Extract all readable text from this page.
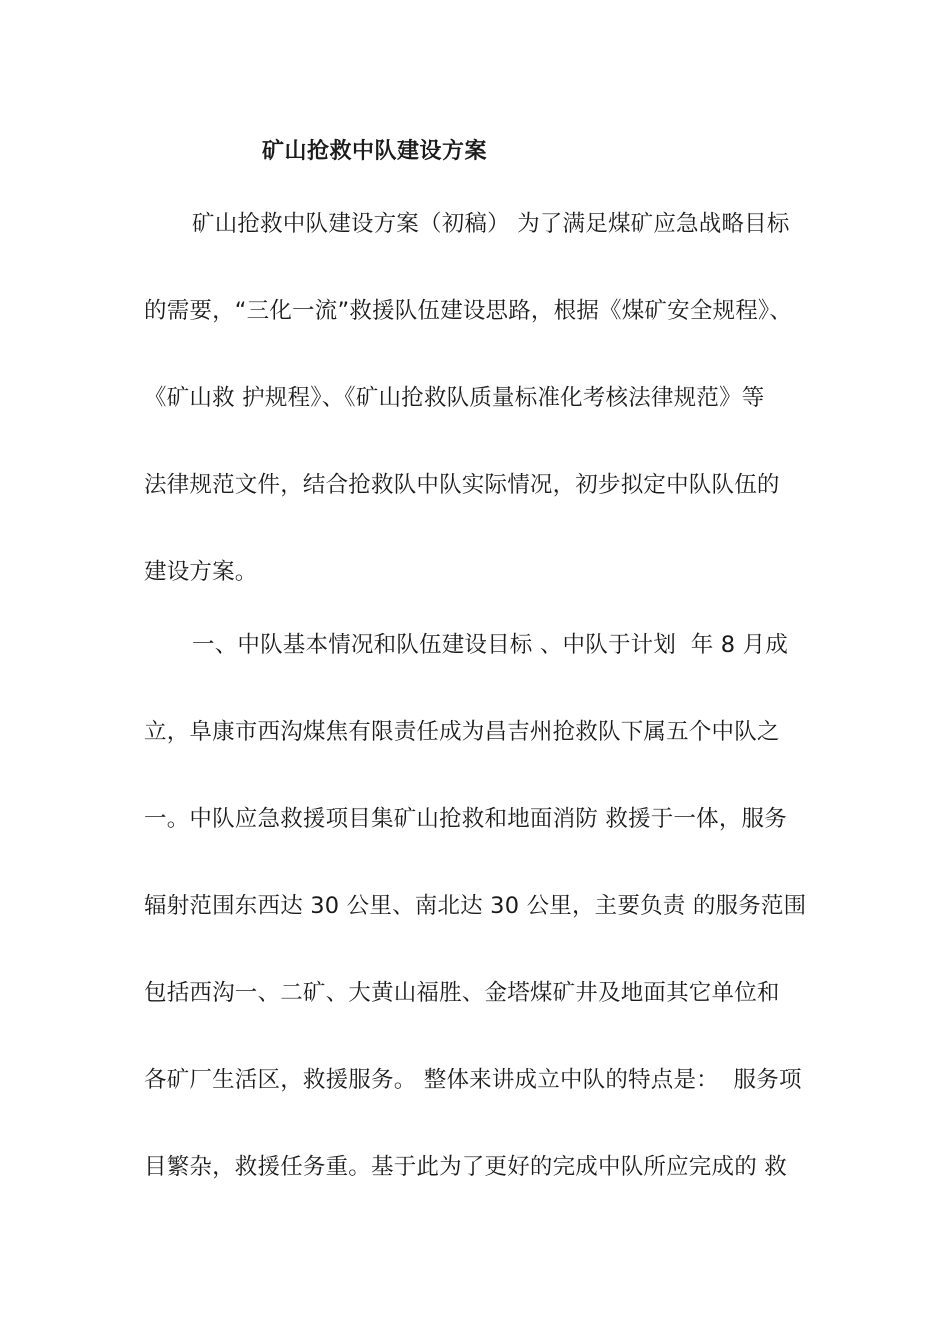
矿山抢救中队建设方案
矿山抢救中队建设方案（初稿） 为了满足煤矿应急战略目标
的需要，“三化一流”救援队伍建设思路，根据《煤矿安全规程》、
《矿山救 护规程》、《矿山抢救队质量标准化考核法律规范》等
法律规范文件，结合抢救队中队实际情况，初步拟定中队队伍的
建设方案。
一、中队基本情况和队伍建设目标 、中队于计划  年 8 月成
立，阜康市西沟煤焦有限责任成为昌吉州抢救队下属五个中队之
一。中队应急救援项目集矿山抢救和地面消防 救援于一体，服务
辐射范围东西达 30 公里、南北达 30 公里，主要负责 的服务范围
包括西沟一、二矿、大黄山福胜、金塔煤矿井及地面其它单位和
各矿厂生活区，救援服务。 整体来讲成立中队的特点是：  服务项
目繁杂，救援任务重。基于此为了更好的完成中队所应完成的 救
